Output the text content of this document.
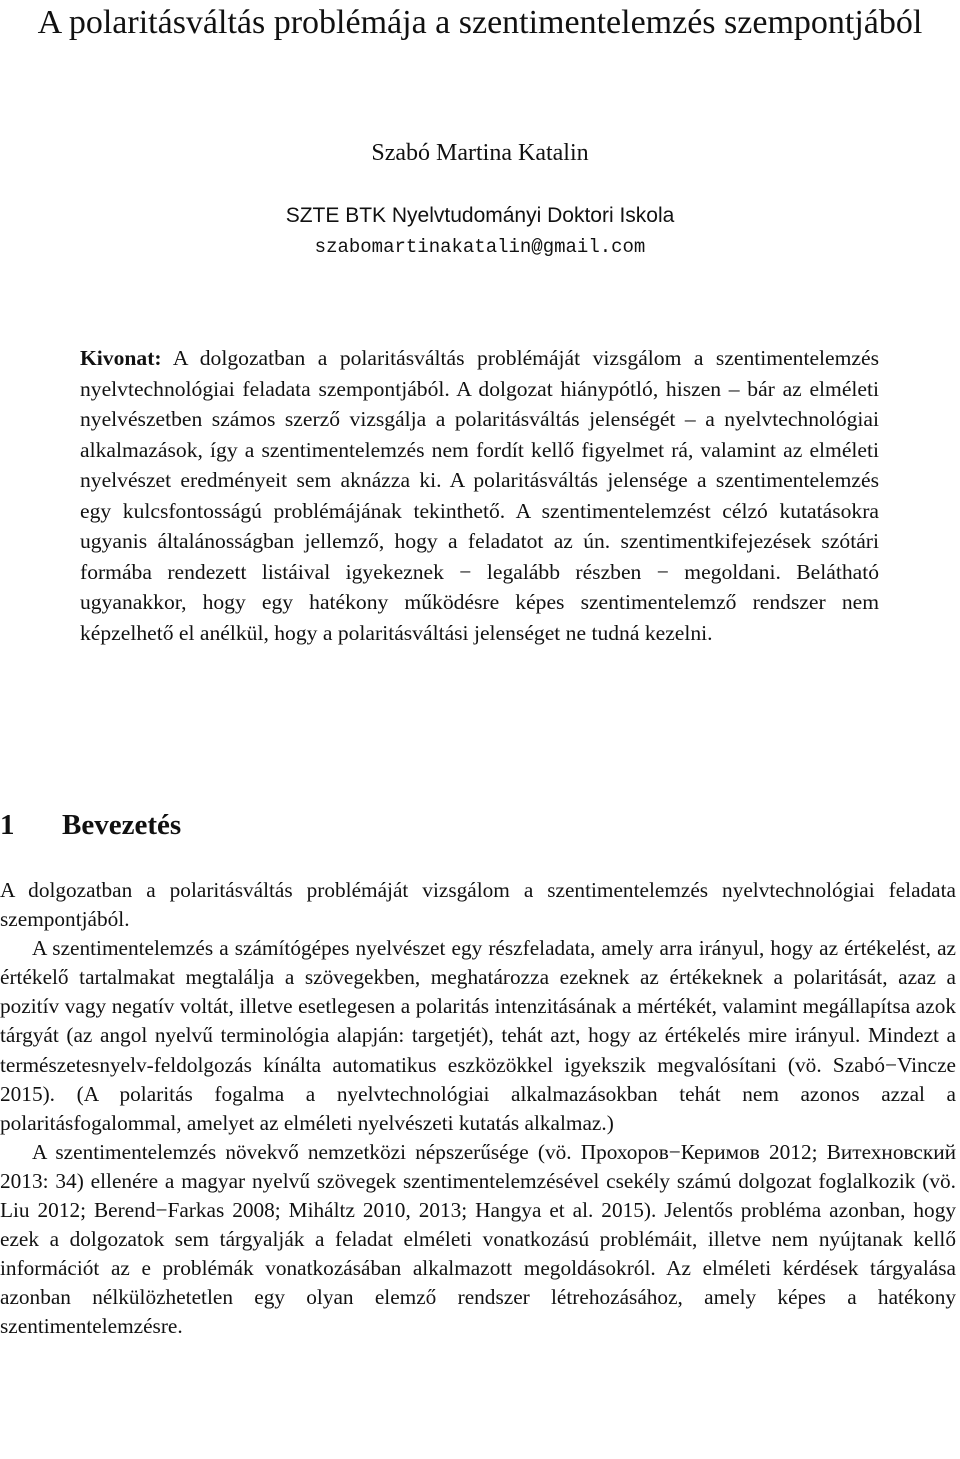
A polaritásváltás problémája a szentimentelemzés szempontjából
Szabó Martina Katalin
SZTE BTK Nyelvtudományi Doktori Iskola
szabomartinakatalin@gmail.com

Kivonat: A dolgozatban a polaritásváltás problémáját vizsgálom a szentimentelemzés nyelvtechnológiai feladata szempontjából. A dolgozat hiánypótló, hiszen – bár az elméleti nyelvészetben számos szerző vizsgálja a polaritásváltás jelenségét – a nyelvtechnológiai alkalmazások, így a szentimentelemzés nem fordít kellő figyelmet rá, valamint az elméleti nyelvészet eredményeit sem aknázza ki. A polaritásváltás jelensége a szentimentelemzés egy kulcsfontosságú problémájának tekinthető. A szentimentelemzést célzó kutatásokra ugyanis általánosságban jellemző, hogy a feladatot az ún. szentimentkifejezések szótári formába rendezett listáival igyekeznek − legalább részben − megoldani. Belátható ugyanakkor, hogy egy hatékony működésre képes szentimentelemző rendszer nem képzelhető el anélkül, hogy a polaritásváltási jelenséget ne tudná kezelni.

1 Bevezetés

A dolgozatban a polaritásváltás problémáját vizsgálom a szentimentelemzés nyelvtechnológiai feladata szempontjából.

A szentimentelemzés a számítógépes nyelvészet egy részfeladata, amely arra irányul, hogy az értékelést, az értékelő tartalmakat megtalálja a szövegekben, meghatározza ezeknek az értékeknek a polaritását, azaz a pozitív vagy negatív voltát, illetve esetlegesen a polaritás intenzitásának a mértékét, valamint megállapítsa azok tárgyát (az angol nyelvű terminológia alapján: targetjét), tehát azt, hogy az értékelés mire irányul. Mindezt a természetesnyelv-feldolgozás kínálta automatikus eszközökkel igyekszik megvalósítani (vö. Szabó−Vincze 2015). (A polaritás fogalma a nyelvtechnológiai alkalmazásokban tehát nem azonos azzal a polaritásfogalommal, amelyet az elméleti nyelvészeti kutatás alkalmaz.)

A szentimentelemzés növekvő nemzetközi népszerűsége (vö. Прохоров−Керимов 2012; Витехновский 2013: 34) ellenére a magyar nyelvű szövegek szentimentelemzésével csekély számú dolgozat foglalkozik (vö. Liu 2012; Berend−Farkas 2008; Miháltz 2010, 2013; Hangya et al. 2015). Jelentős probléma azonban, hogy ezek a dolgozatok sem tárgyalják a feladat elméleti vonatkozású problémáit, illetve nem nyújtanak kellő információt az e problémák vonatkozásában alkalmazott megoldásokról. Az elméleti kérdések tárgyalása azonban nélkülözhetetlen egy olyan elemző rendszer létrehozásához, amely képes a hatékony szentimentelemzésre.
